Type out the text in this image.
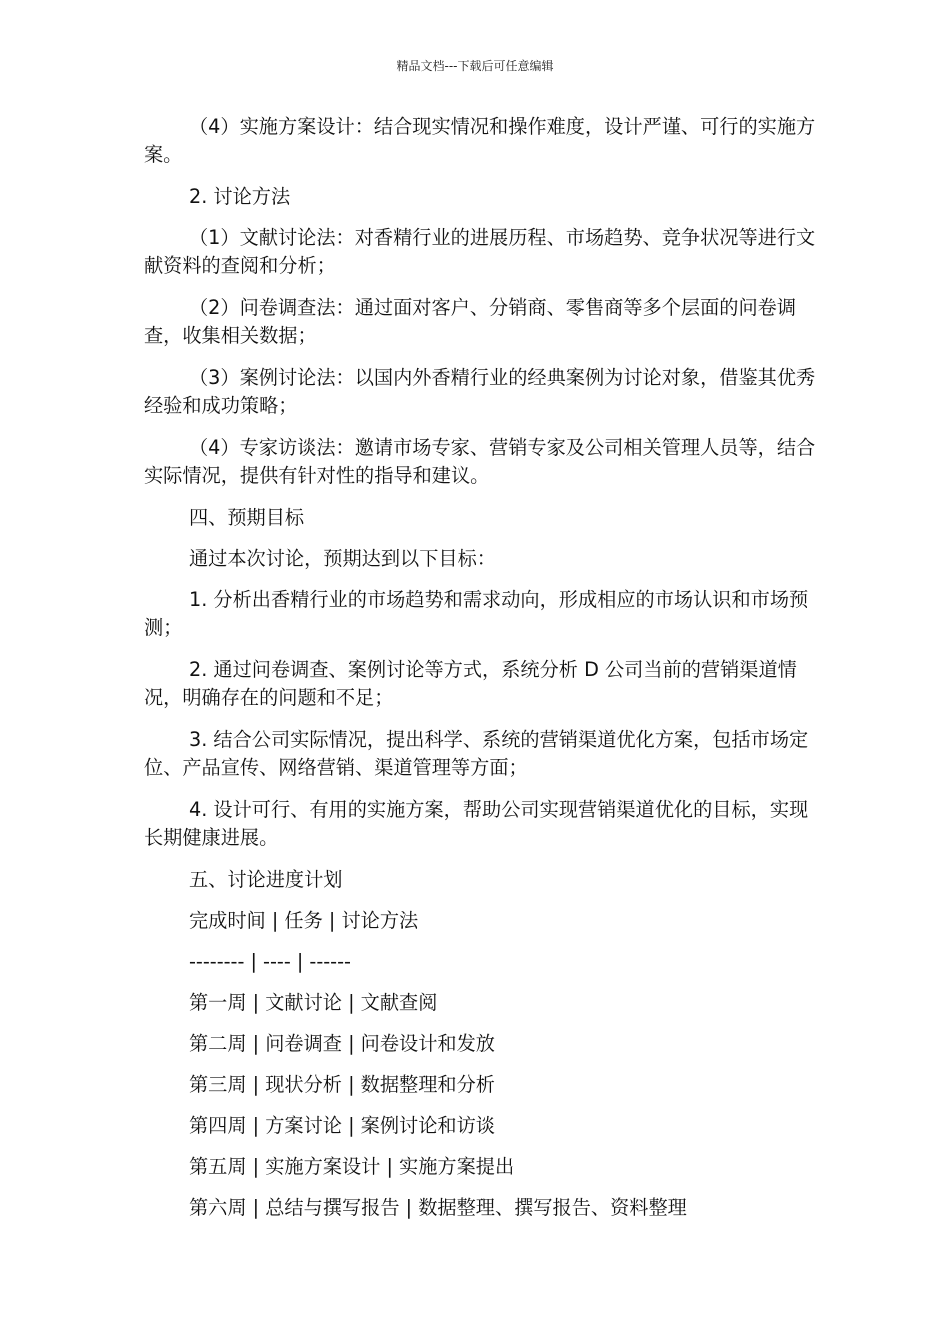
精品文档---下载后可任意编辑

（4）实施方案设计：结合现实情况和操作难度，设计严谨、可行的实施方案。

2. 讨论方法

（1）文献讨论法：对香精行业的进展历程、市场趋势、竞争状况等进行文献资料的查阅和分析；

（2）问卷调查法：通过面对客户、分销商、零售商等多个层面的问卷调查，收集相关数据；

（3）案例讨论法：以国内外香精行业的经典案例为讨论对象，借鉴其优秀经验和成功策略；

（4）专家访谈法：邀请市场专家、营销专家及公司相关管理人员等，结合实际情况，提供有针对性的指导和建议。

四、预期目标

通过本次讨论，预期达到以下目标：

1. 分析出香精行业的市场趋势和需求动向，形成相应的市场认识和市场预测；

2. 通过问卷调查、案例讨论等方式，系统分析 D 公司当前的营销渠道情况，明确存在的问题和不足；

3. 结合公司实际情况，提出科学、系统的营销渠道优化方案，包括市场定位、产品宣传、网络营销、渠道管理等方面；

4. 设计可行、有用的实施方案，帮助公司实现营销渠道优化的目标，实现长期健康进展。

五、讨论进度计划

完成时间 | 任务 | 讨论方法

-------- | ---- | ------

第一周 | 文献讨论 | 文献查阅

第二周 | 问卷调查 | 问卷设计和发放

第三周 | 现状分析 | 数据整理和分析

第四周 | 方案讨论 | 案例讨论和访谈

第五周 | 实施方案设计 | 实施方案提出

第六周 | 总结与撰写报告 | 数据整理、撰写报告、资料整理
